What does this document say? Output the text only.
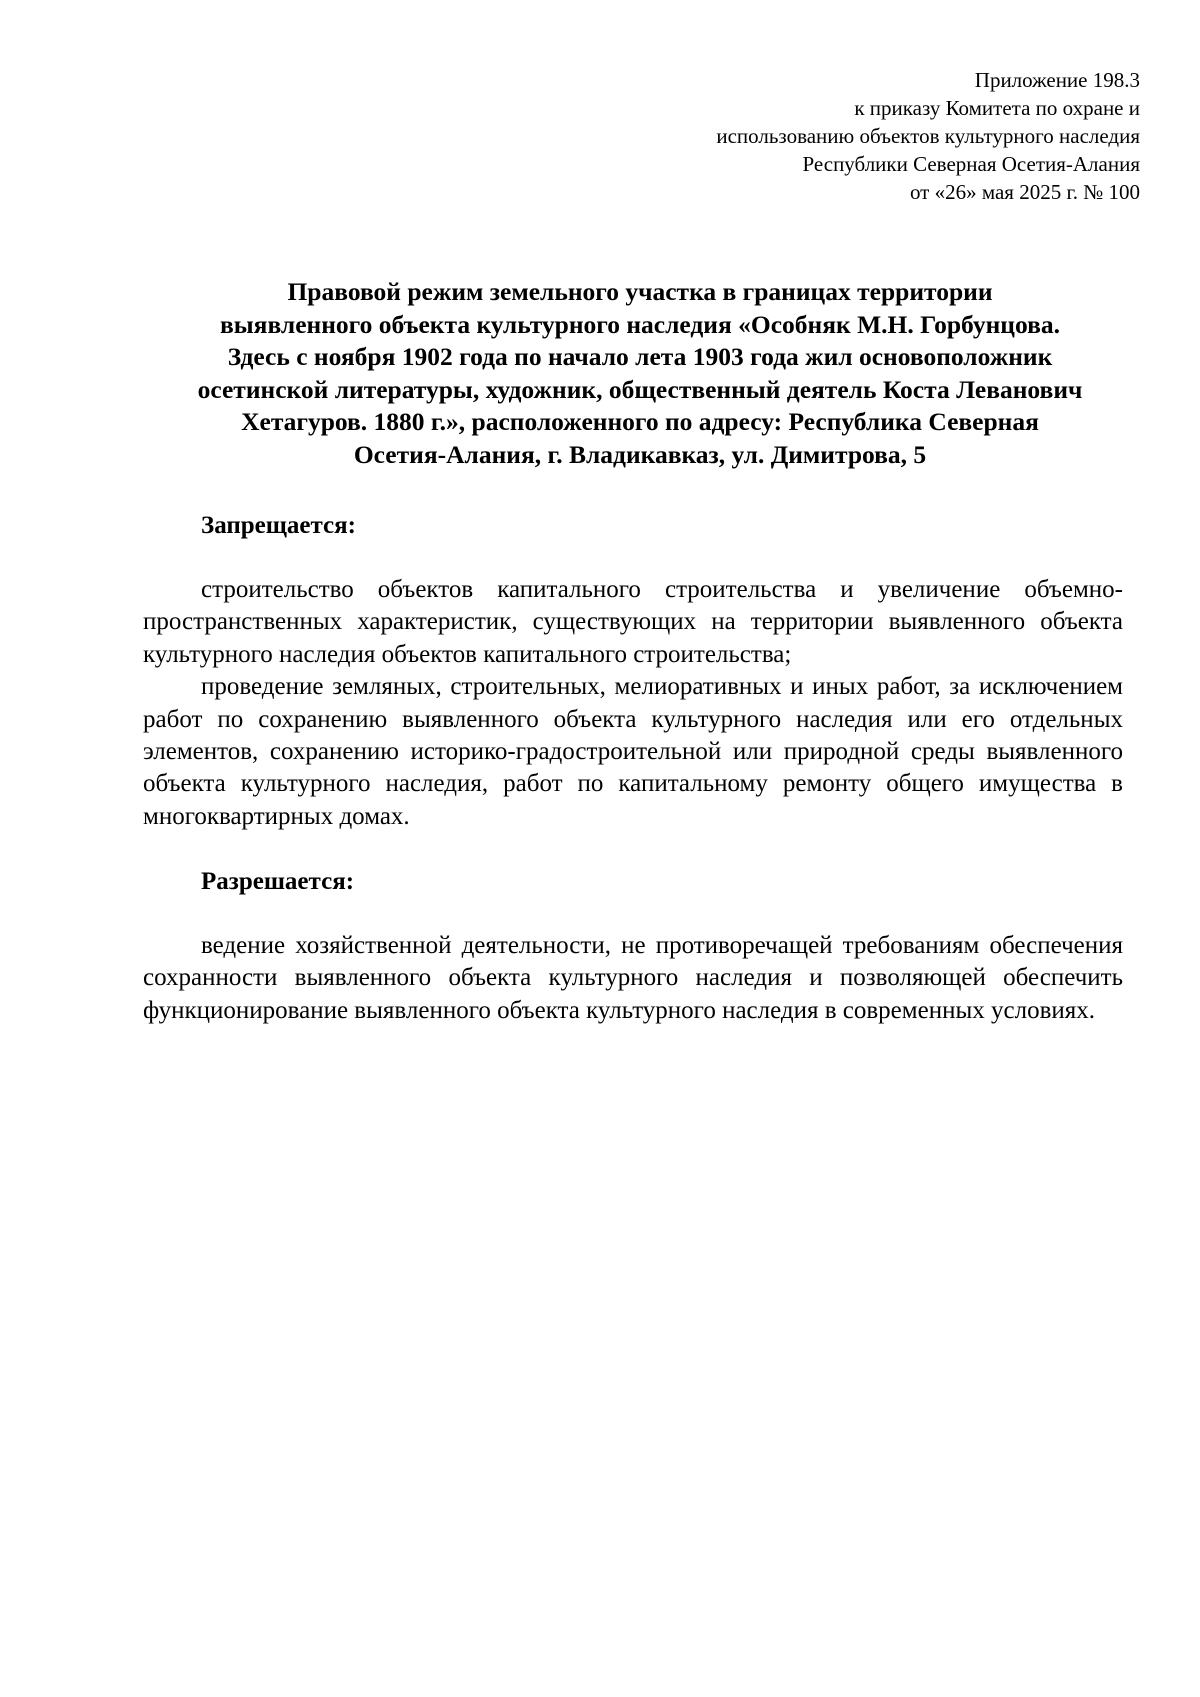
Приложение 198.3
к приказу Комитета по охране и
использованию объектов культурного наследия
Республики Северная Осетия-Алания
от «26» мая 2025 г. № 100
Правовой режим земельного участка в границах территории
выявленного объекта культурного наследия «Особняк М.Н. Горбунцова.
Здесь с ноября 1902 года по начало лета 1903 года жил основоположник
осетинской литературы, художник, общественный деятель Коста Леванович
Хетагуров. 1880 г.», расположенного по адресу: Республика Северная
Осетия-Алания, г. Владикавказ, ул. Димитрова, 5
Запрещается:

строительство объектов капитального строительства и увеличение объемно-пространственных характеристик, существующих на территории выявленного объекта культурного наследия объектов капитального строительства;

проведение земляных, строительных, мелиоративных и иных работ, за исключением работ по сохранению выявленного объекта культурного наследия или его отдельных элементов, сохранению историко-градостроительной или природной среды выявленного объекта культурного наследия, работ по капитальному ремонту общего имущества в многоквартирных домах.

Разрешается:

ведение хозяйственной деятельности, не противоречащей требованиям обеспечения сохранности выявленного объекта культурного наследия и позволяющей обеспечить функционирование выявленного объекта культурного наследия в современных условиях.
